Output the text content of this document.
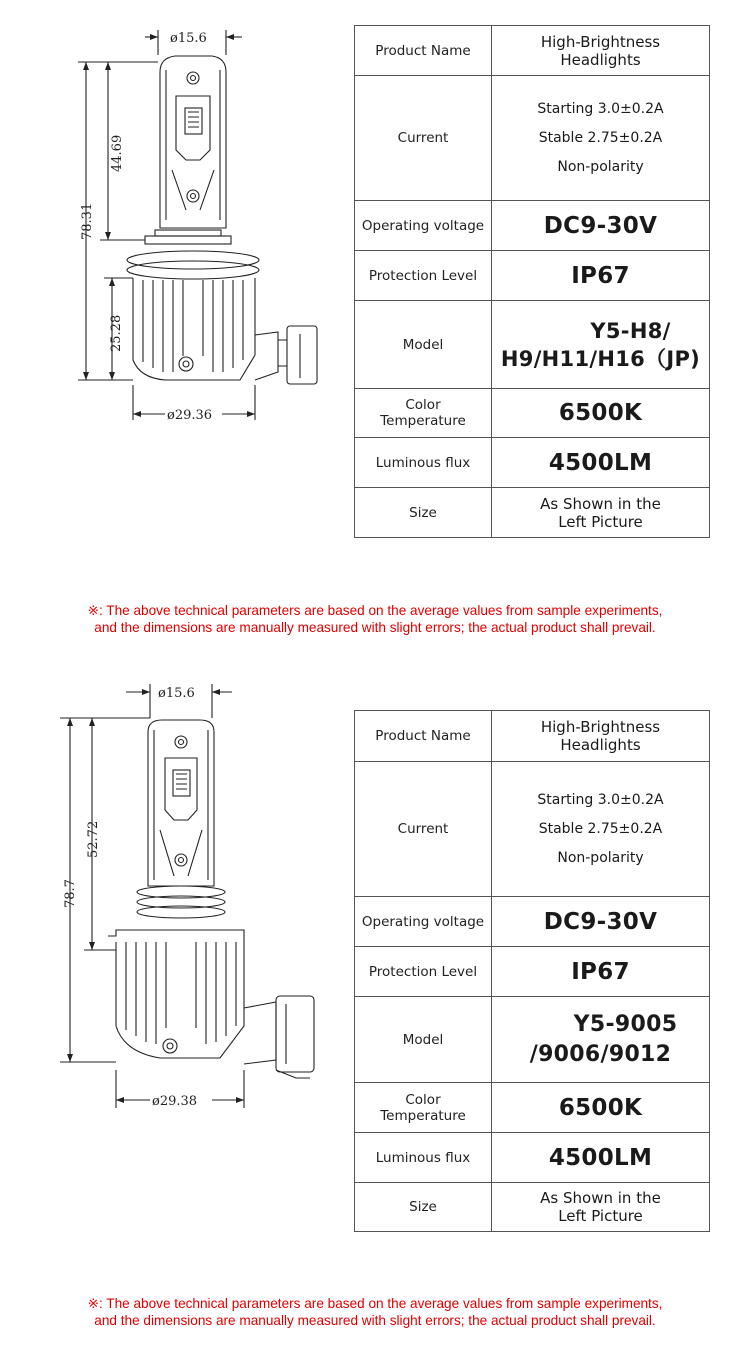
ø15.6
78.31
44.69
25.28
ø29.36
Product Name	High-Brightness
Headlights

Current	Starting 3.0±0.2A
Stable 2.75±0.2A
Non-polarity

Operating voltage	DC9-30V
Protection Level	IP67
Model	Y5-H8/
H9/H11/H16（JP)

Color
Temperature	6500K
Luminous flux	4500LM
Size	As Shown in the
Left Picture
※: The above technical parameters are based on the average values from sample experiments,
and the dimensions are manually measured with slight errors; the actual product shall prevail.
ø15.6
78.7
52.72
ø29.38
Product Name	High-Brightness
Headlights

Current	Starting 3.0±0.2A
Stable 2.75±0.2A
Non-polarity

Operating voltage	DC9-30V
Protection Level	IP67
Model	Y5-9005
/9006/9012

Color
Temperature	6500K
Luminous flux	4500LM
Size	As Shown in the
Left Picture
※: The above technical parameters are based on the average values from sample experiments,
and the dimensions are manually measured with slight errors; the actual product shall prevail.
